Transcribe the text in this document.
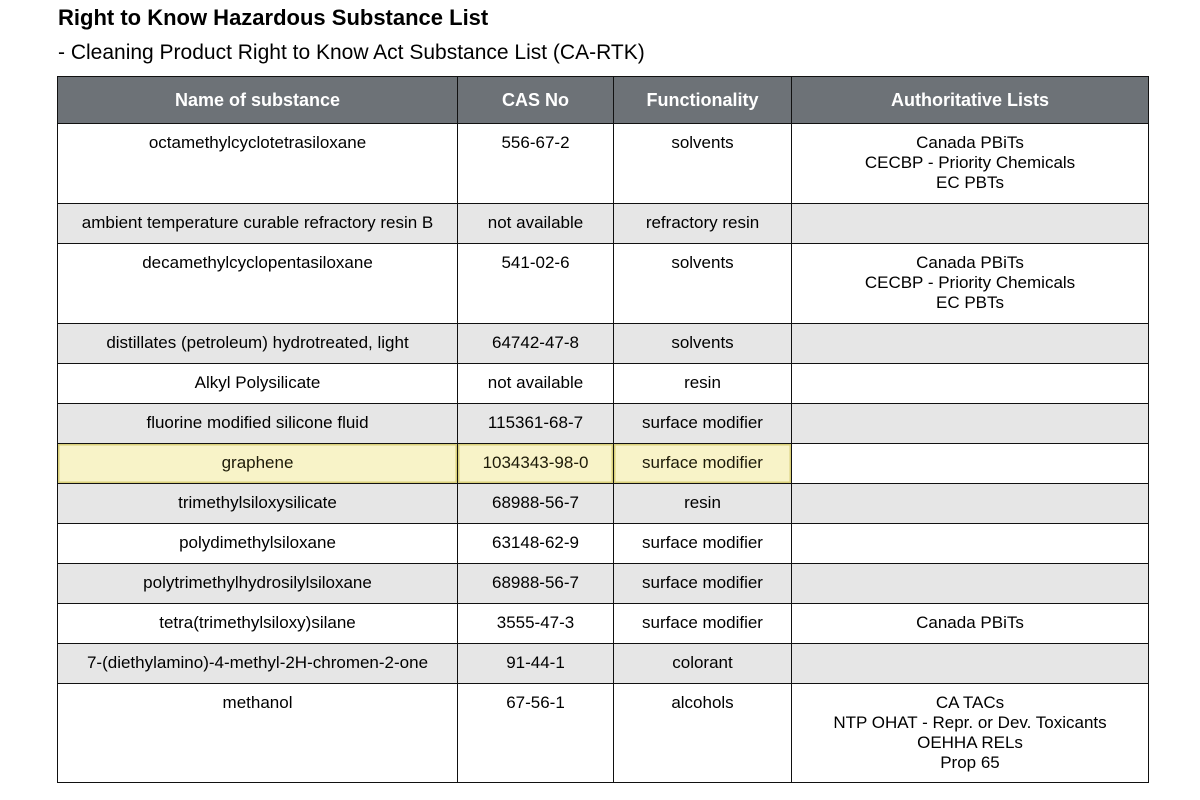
Right to Know Hazardous Substance List
- Cleaning Product Right to Know Act Substance List (CA-RTK)
Name of substance	CAS No	Functionality	Authoritative Lists
octamethylcyclotetrasiloxane	556-67-2	solvents	Canada PBiTs
CECBP - Priority Chemicals
EC PBTs

ambient temperature curable refractory resin B	not available	refractory resin	
decamethylcyclopentasiloxane	541-02-6	solvents	Canada PBiTs
CECBP - Priority Chemicals
EC PBTs

distillates (petroleum) hydrotreated, light	64742-47-8	solvents	
Alkyl Polysilicate	not available	resin	
fluorine modified silicone fluid	115361-68-7	surface modifier	
graphene	1034343-98-0	surface modifier	
trimethylsiloxysilicate	68988-56-7	resin	
polydimethylsiloxane	63148-62-9	surface modifier	
polytrimethylhydrosilylsiloxane	68988-56-7	surface modifier	
tetra(trimethylsiloxy)silane	3555-47-3	surface modifier	Canada PBiTs

7-(diethylamino)-4-methyl-2H-chromen-2-one	91-44-1	colorant	
methanol	67-56-1	alcohols	CA TACs
NTP OHAT - Repr. or Dev. Toxicants
OEHHA RELs
Prop 65
